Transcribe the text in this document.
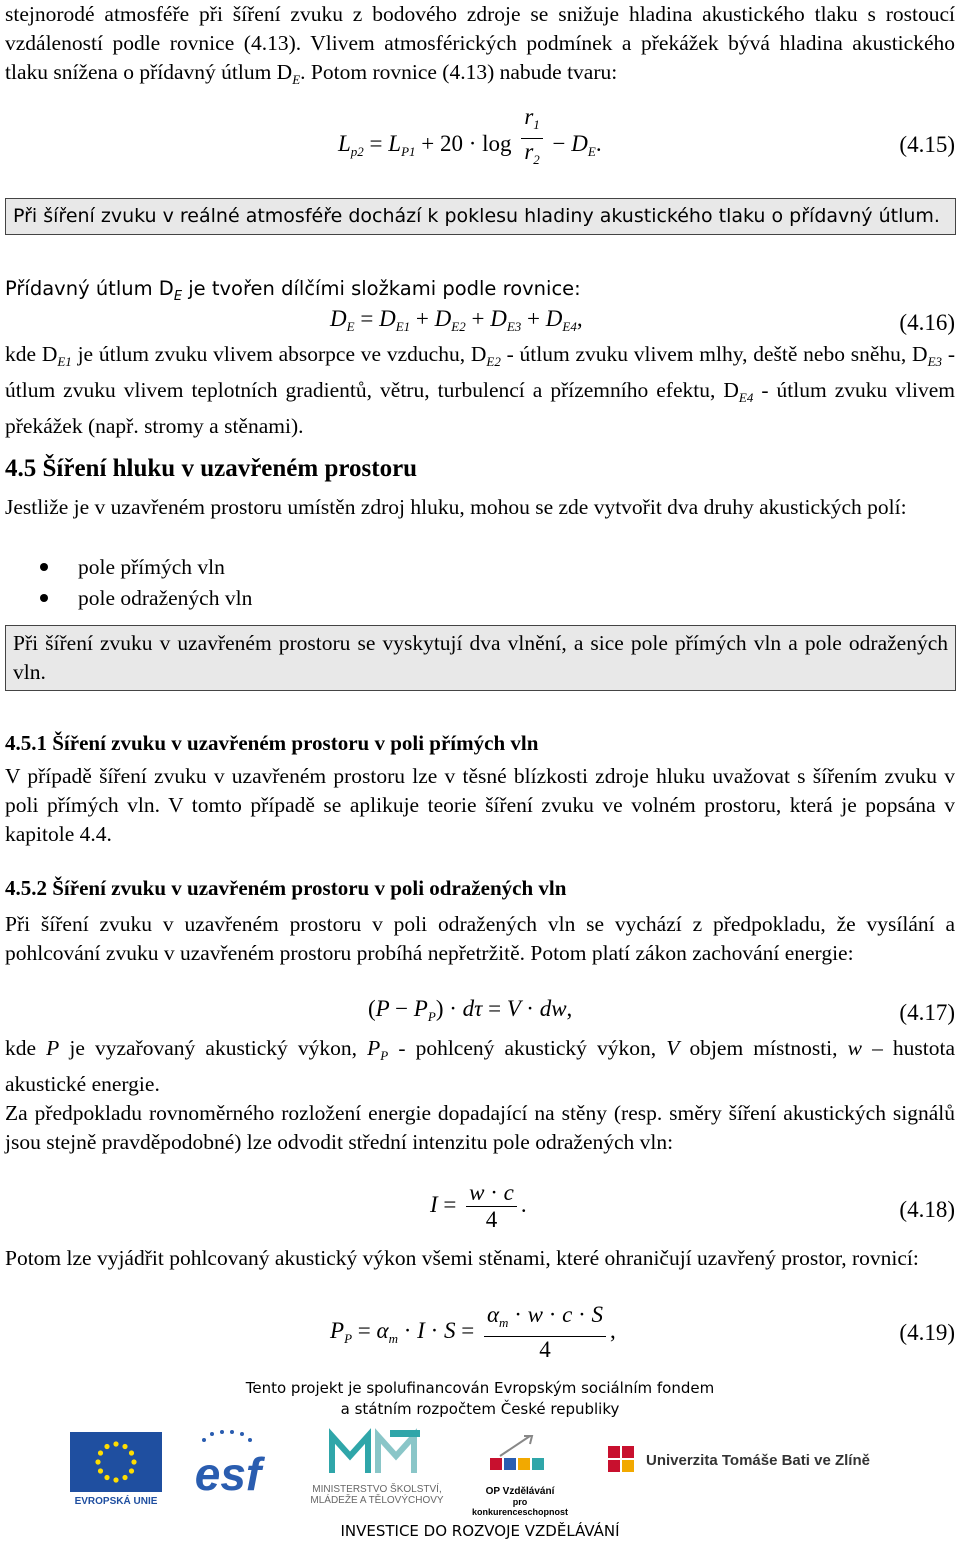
stejnorodé atmosféře při šíření zvuku z bodového zdroje se snižuje hladina akustického tlaku s rostoucí vzdáleností podle rovnice (4.13). Vlivem atmosférických podmínek a překážek bývá hladina akustického tlaku snížena o přídavný útlum $D_E$. Potom rovnice (4.13) nabude tvaru:

$L_{p2} = L_{P1} + 20 \cdot \log \frac{r_1}{r_2} - D_E$.	(4.15)
Při šíření zvuku v reálné atmosféře dochází k poklesu hladiny akustického tlaku o přídavný útlum.
Přídavný útlum $D_E$ je tvořen dílčími složkami podle rovnice:
$D_E = D_{E1} + D_{E2} + D_{E3} + D_{E4}$,	(4.16)

kde $D_{E1}$ je útlum zvuku vlivem absorpce ve vzduchu, $D_{E2}$ - útlum zvuku vlivem mlhy, deště nebo sněhu, $D_{E3}$ - útlum zvuku vlivem teplotních gradientů, větru, turbulencí a přízemního efektu, $D_{E4}$ - útlum zvuku vlivem překážek (např. stromy a stěnami).

4.5 Šíření hluku v uzavřeném prostoru

Jestliže je v uzavřeném prostoru umístěn zdroj hluku, mohou se zde vytvořit dva druhy akustických polí:

pole přímých vln
pole odražených vln
Při šíření zvuku v uzavřeném prostoru se vyskytují dva vlnění, a sice pole přímých vln a pole odražených vln.
4.5.1 Šíření zvuku v uzavřeném prostoru v poli přímých vln

V případě šíření zvuku v uzavřeném prostoru lze v těsné blízkosti zdroje hluku uvažovat s šířením zvuku v poli přímých vln. V tomto případě se aplikuje teorie šíření zvuku ve volném prostoru, která je popsána v kapitole 4.4.

4.5.2 Šíření zvuku v uzavřeném prostoru v poli odražených vln

Při šíření zvuku v uzavřeném prostoru v poli odražených vln se vychází z předpokladu, že vysílání a pohlcování zvuku v uzavřeném prostoru probíhá nepřetržitě. Potom platí zákon zachování energie:

$(P - P_P) \cdot d\tau = V$ · dw,	(4.17)

kde P je vyzařovaný akustický výkon, $P_P$ - pohlcený akustický výkon, V objem místnosti, w – hustota akustické energie.

Za předpokladu rovnoměrného rozložení energie dopadající na stěny (resp. směry šíření akustických signálů jsou stejně pravděpodobné) lze odvodit střední intenzitu pole odražených vln:

$I = \frac{w \cdot c}{4}$ .	(4.18)

Potom lze vyjádřit pohlcovaný akustický výkon všemi stěnami, které ohraničují uzavřený prostor, rovnicí:

$P_P = \alpha_m \cdot I \cdot S = \frac{\alpha_m \cdot w \cdot c \cdot S}{4}$ ,	(4.19)
Tento projekt je spolufinancován Evropským sociálním fondem
a státním rozpočtem České republiky
EVROPSKÁ UNIE
esf	MINISTERSTVO ŠKOLSTVÍ,
MLÁDEŽE A TĚLOVÝCHOVY
OP Vzdělávání
pro konkurenceschopnost
Univerzita Tomáše Bati ve Zlíně
INVESTICE DO ROZVOJE VZDĚLÁVÁNÍ
